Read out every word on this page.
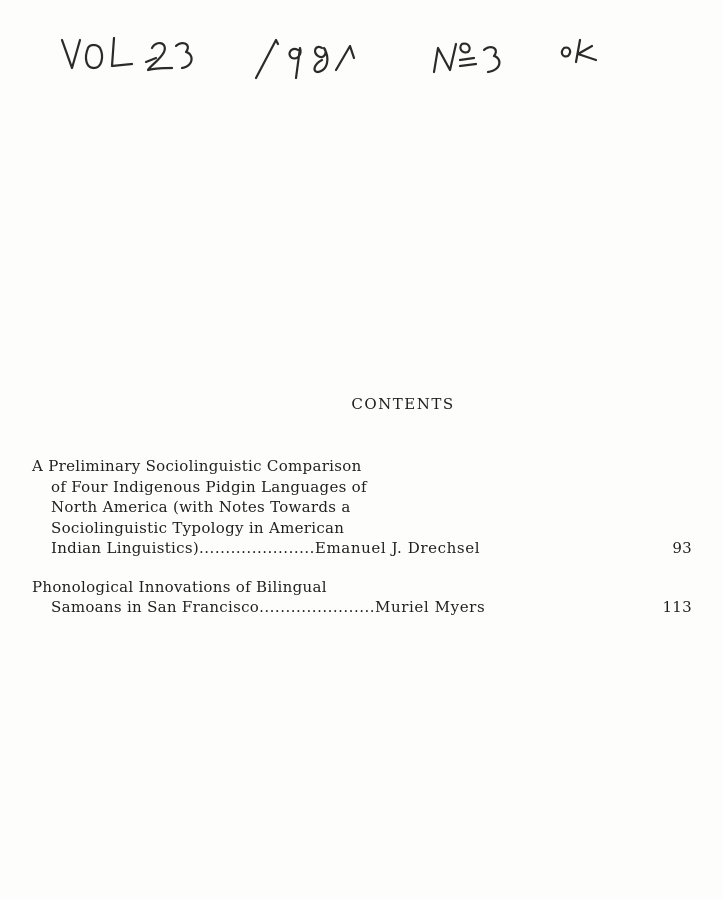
CONTENTS
A Preliminary Sociolinguistic Comparison
of Four Indigenous Pidgin Languages of
North America (with Notes Towards a
Sociolinguistic Typology in American
Indian Linguistics)......................Emanuel J. Drechsel	93
Phonological Innovations of Bilingual
Samoans in San Francisco......................Muriel Myers	113
